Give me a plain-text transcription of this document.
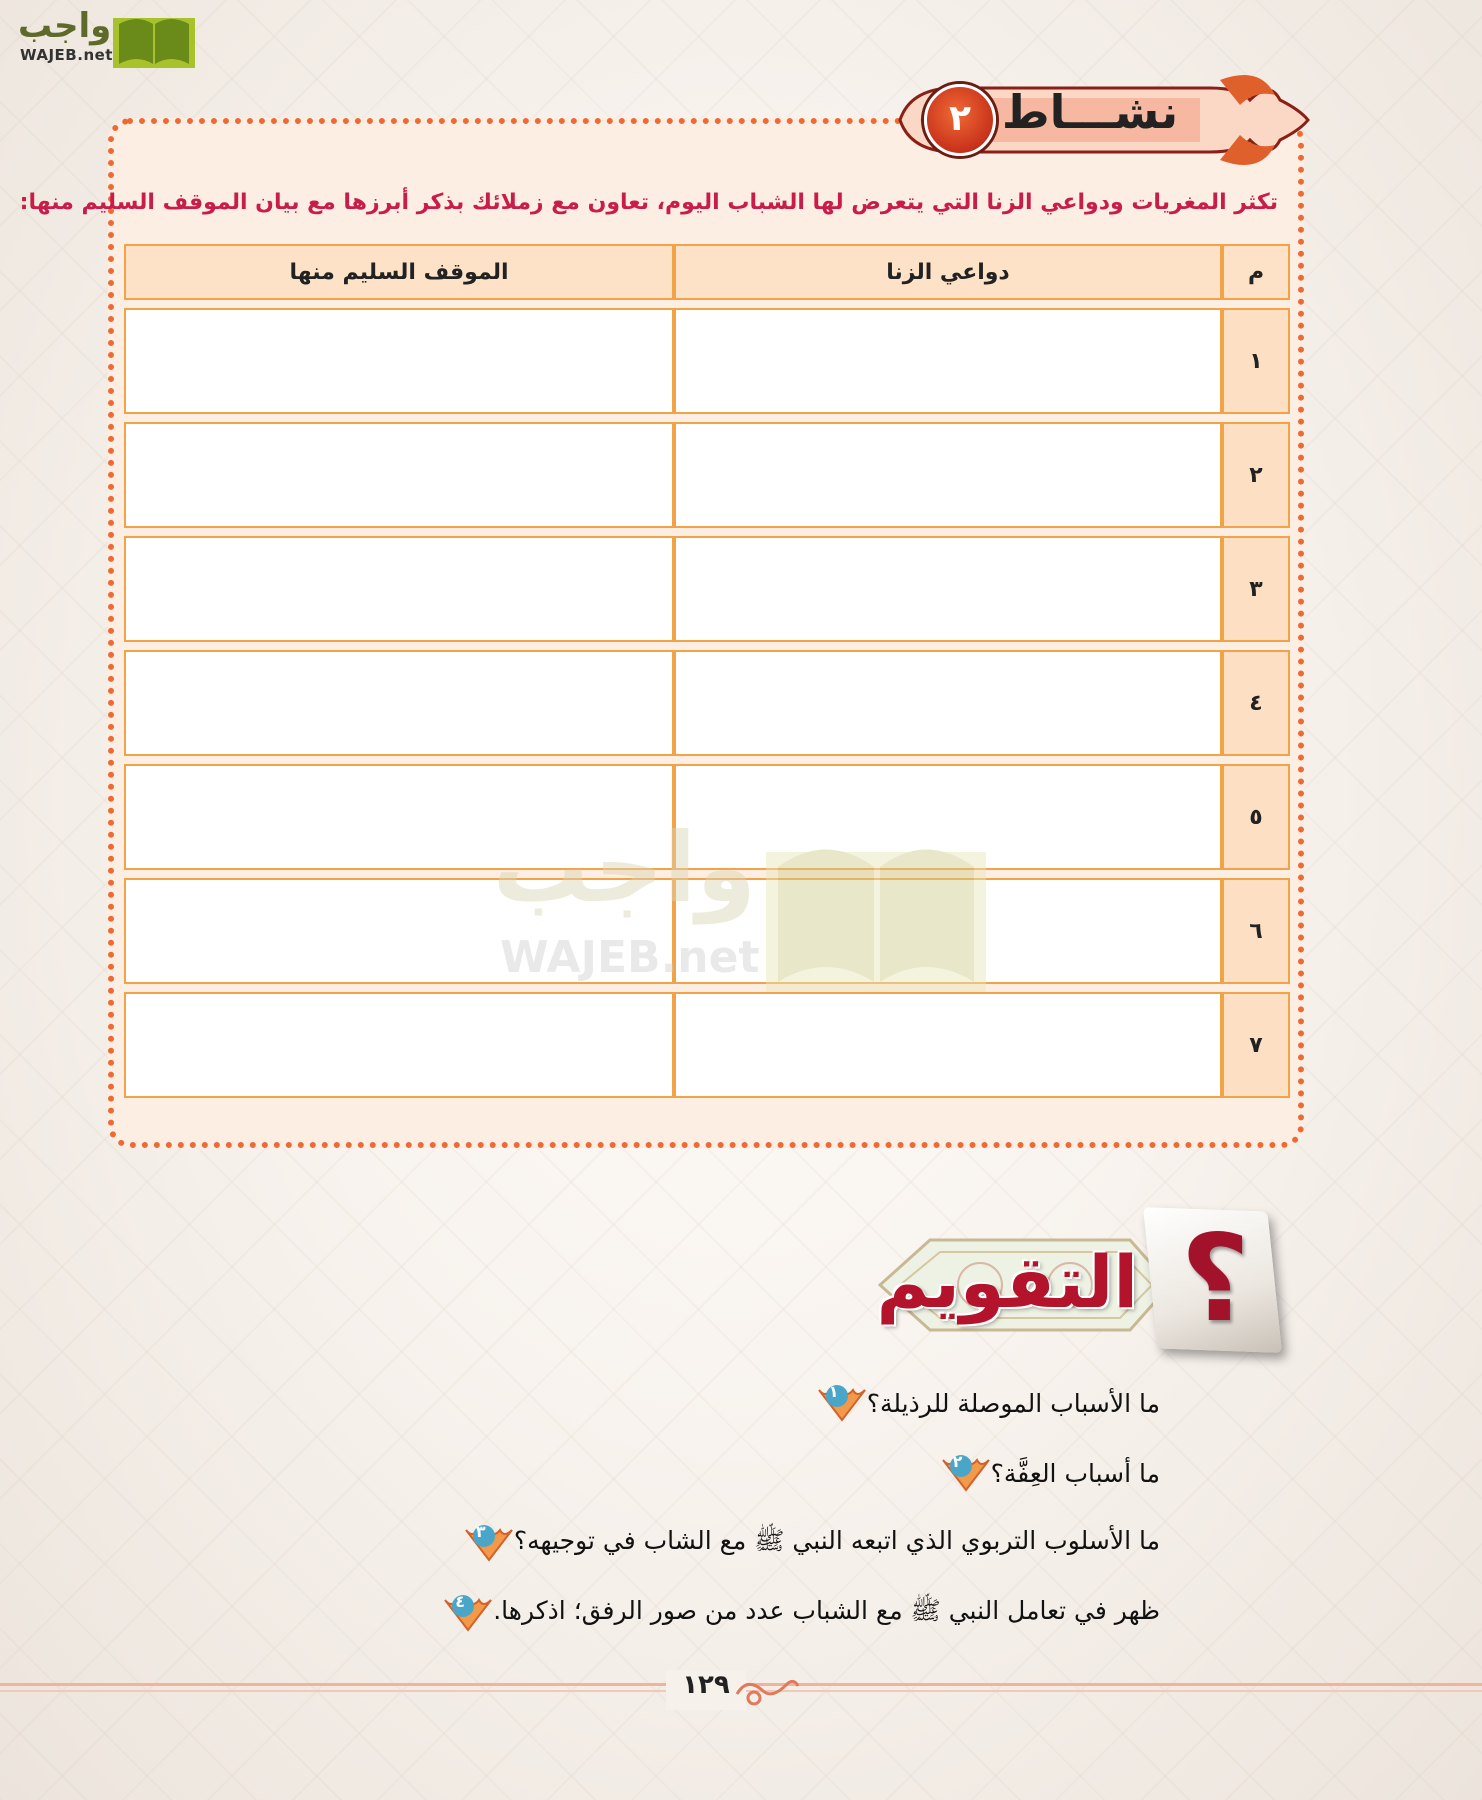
واجب
WAJEB.net
٢ نشـــاط
تكثر المغريات ودواعي الزنا التي يتعرض لها الشباب اليوم، تعاون مع زملائك بذكر أبرزها مع بيان الموقف السليم منها:
م
دواعي الزنا
الموقف السليم منها
١
٢
٣
٤
٥
٦
٧
واجب
WAJEB.net
؟
التقويم
١ ما الأسباب الموصلة للرذيلة؟
٢ ما أسباب العِفَّة؟
٣ ما الأسلوب التربوي الذي اتبعه النبي ﷺ مع الشاب في توجيهه؟
٤ ظهر في تعامل النبي ﷺ مع الشباب عدد من صور الرفق؛ اذكرها.
١٢٩
